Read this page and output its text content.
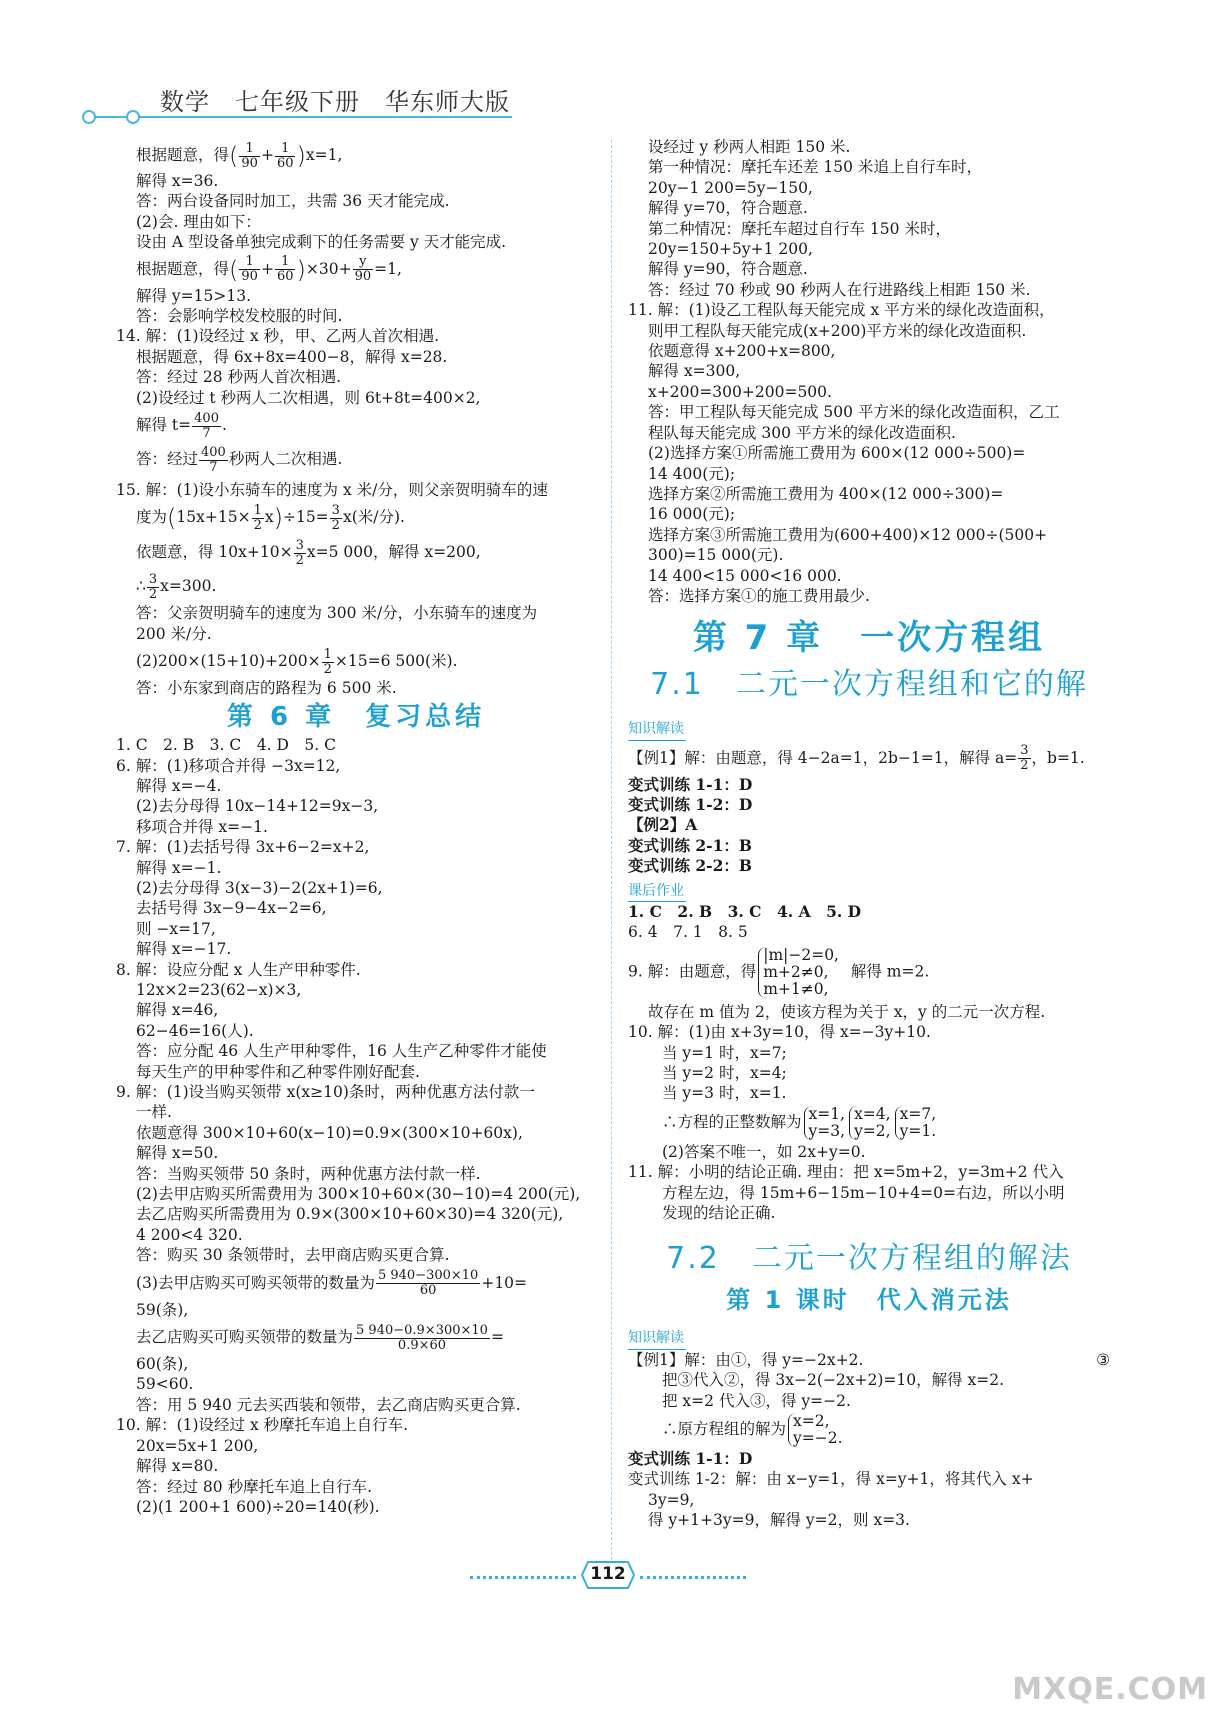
数学　七年级下册　华东师大版
根据题意，得( $\frac{1}{90} + \frac{1}{60} )x=1$,
解得 x=36.
答：两台设备同时加工，共需 36 天才能完成.
(2)会. 理由如下：
设由 A 型设备单独完成剩下的任务需要 y 天才能完成.
根据题意，得( $\frac{1}{90} + \frac{1}{60} )\times 30+ \frac{y}{90} =1$,
解得 y=15>13.
答：会影响学校发校服的时间.
14. 解：(1)设经过 x 秒，甲、乙两人首次相遇.
根据题意，得 6x+8x=400−8，解得 x=28.
答：经过 28 秒两人首次相遇.
(2)设经过 t 秒两人二次相遇，则 6t+8t=400×2,
解得 $t= \frac{400}{7}$ .
答：经过 $\frac{400}{7}$ 秒两人二次相遇.
15. 解：(1)设小东骑车的速度为 x 米/分，则父亲贺明骑车的速
度为$(15x+15\times \frac{1}{2} x)\div 15= \frac{3}{2} x$(米/分).
依题意，得 $10x+10\times \frac{3}{2} x=5$ 000，解得 x=200,
∴ $\frac{3}{2} x=300$.
答：父亲贺明骑车的速度为 300 米/分，小东骑车的速度为
200 米/分.
$(2)200\times(15+10)+200\times \frac{1}{2} \times 15=6$ 500(米).
答：小东家到商店的路程为 6 500 米.
第 6 章　复习总结
1. C　2. B　3. C　4. D　5. C
6. 解：(1)移项合并得 −3x=12,
解得 x=−4.
(2)去分母得 10x−14+12=9x−3,
移项合并得 x=−1.
7. 解：(1)去括号得 3x+6−2=x+2,
解得 x=−1.
(2)去分母得 3(x−3)−2(2x+1)=6,
去括号得 3x−9−4x−2=6,
则 −x=17,
解得 x=−17.
8. 解：设应分配 x 人生产甲种零件.
12x×2=23(62−x)×3,
解得 x=46,
62−46=16(人).
答：应分配 46 人生产甲种零件，16 人生产乙种零件才能使
每天生产的甲种零件和乙种零件刚好配套.
9. 解：(1)设当购买领带 x(x≥10)条时，两种优惠方法付款一
一样.
依题意得 300×10+60(x−10)=0.9×(300×10+60x),
解得 x=50.
答：当购买领带 50 条时，两种优惠方法付款一样.
(2)去甲店购买所需费用为 300×10+60×(30−10)=4 200(元),
去乙店购买所需费用为 0.9×(300×10+60×30)=4 320(元),
4 200<4 320.
答：购买 30 条领带时，去甲商店购买更合算.
(3)去甲店购买可购买领带的数量为 $\frac{5 940-300\times 10}{60} +10=$
59(条),
去乙店购买可购买领带的数量为 $\frac{5 940-0.9\times 300\times 10}{0.9\times 60}$ =
60(条),
59<60.
答：用 5 940 元去买西装和领带，去乙商店购买更合算.
10. 解：(1)设经过 x 秒摩托车追上自行车.
20x=5x+1 200,
解得 x=80.
答：经过 80 秒摩托车追上自行车.
(2)(1 200+1 600)÷20=140(秒).
设经过 y 秒两人相距 150 米.
第一种情况：摩托车还差 150 米追上自行车时，
20y−1 200=5y−150,
解得 y=70，符合题意.
第二种情况：摩托车超过自行车 150 米时，
20y=150+5y+1 200,
解得 y=90，符合题意.
答：经过 70 秒或 90 秒两人在行进路线上相距 150 米.
11. 解：(1)设乙工程队每天能完成 x 平方米的绿化改造面积，
则甲工程队每天能完成(x+200)平方米的绿化改造面积.
依题意得 x+200+x=800,
解得 x=300,
x+200=300+200=500.
答：甲工程队每天能完成 500 平方米的绿化改造面积，乙工
程队每天能完成 300 平方米的绿化改造面积.
(2)选择方案①所需施工费用为 600×(12 000÷500)=
14 400(元);
选择方案②所需施工费用为 400×(12 000÷300)=
16 000(元);
选择方案③所需施工费用为(600+400)×12 000÷(500+
300)=15 000(元).
14 400<15 000<16 000.
答：选择方案①的施工费用最少.
第 7 章　一次方程组
7.1　二元一次方程组和它的解
知识解读
【例1】解：由题意，得 4−2a=1，2b−1=1，解得 $a= \frac{3}{2}$ ，b=1.
变式训练 1-1：D
变式训练 1-2：D
【例2】A
变式训练 2-1：B
变式训练 2-2：B
课后作业
1. C　2. B　3. C　4. A　5. D
6. 4　7. 1　8. 5
9. 解：由题意，得
|m|−2=0,
m+2≠0,
m+1≠0,
解得 m=2.
故存在 m 值为 2，使该方程为关于 x，y 的二元一次方程.
10. 解：(1)由 x+3y=10，得 x=−3y+10.
当 y=1 时，x=7;
当 y=2 时，x=4;
当 y=3 时，x=1.
∴方程的正整数解为 x=1,
y=3,
x=4,
y=2,
x=7,
y=1.
(2)答案不唯一，如 2x+y=0.
11. 解：小明的结论正确. 理由：把 x=5m+2，y=3m+2 代入
方程左边，得 15m+6−15m−10+4=0=右边，所以小明
发现的结论正确.
7.2　二元一次方程组的解法
第 1 课时　代入消元法
知识解读
【例1】解：由①，得 y=−2x+2.	③
把③代入②，得 3x−2(−2x+2)=10，解得 x=2.
把 x=2 代入③，得 y=−2.
∴原方程组的解为 x=2,
y=−2.
变式训练 1-1：D
变式训练 1-2：解：由 x−y=1，得 x=y+1，将其代入 x+
3y=9,
得 y+1+3y=9，解得 y=2，则 x=3.
112
MXQE.COM
